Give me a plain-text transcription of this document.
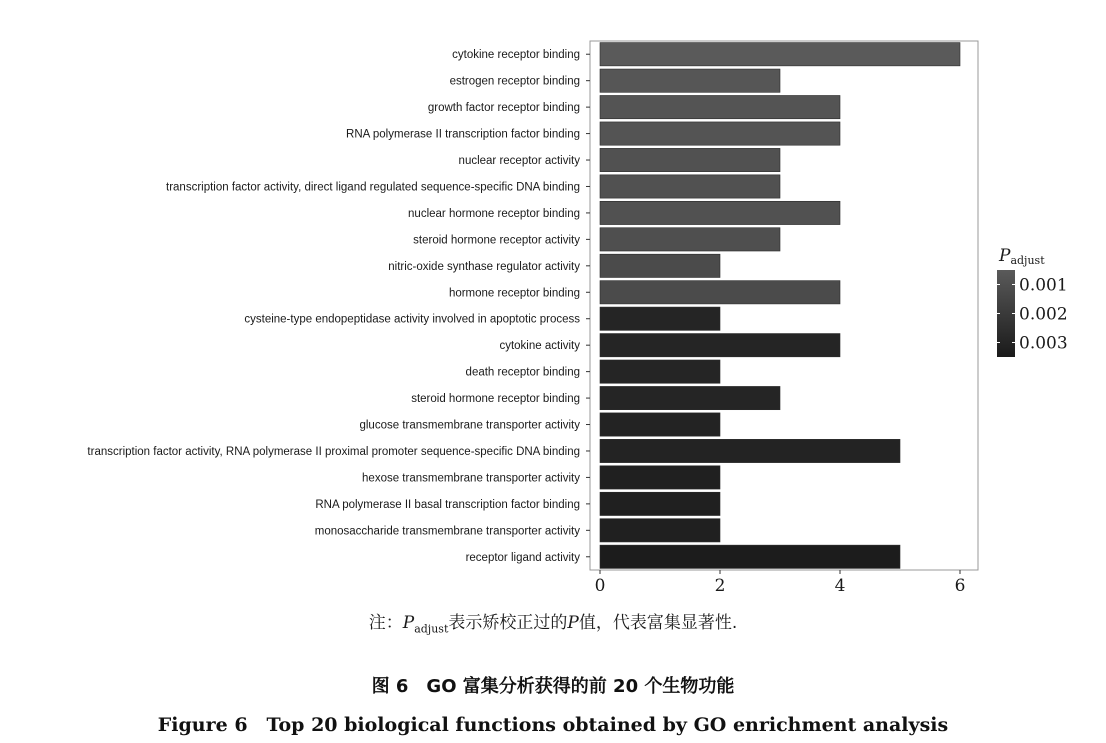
cytokine receptor binding
estrogen receptor binding
growth factor receptor binding
RNA polymerase II transcription factor binding
nuclear receptor activity
transcription factor activity, direct ligand regulated sequence-specific DNA binding
nuclear hormone receptor binding
steroid hormone receptor activity
nitric-oxide synthase regulator activity
hormone receptor binding
cysteine-type endopeptidase activity involved in apoptotic process
cytokine activity
death receptor binding
steroid hormone receptor binding
glucose transmembrane transporter activity
transcription factor activity, RNA polymerase II proximal promoter sequence-specific DNA binding
hexose transmembrane transporter activity
RNA polymerase II basal transcription factor binding
monosaccharide transmembrane transporter activity
receptor ligand activity
0	2	4	6
Padjust
0.001
0.002
0.003
注：$P_{adjust}$表示矫校正过的P值，代表富集显著性.
图 6　GO 富集分析获得的前 20 个生物功能
Figure 6　Top 20 biological functions obtained by GO enrichment analysis
